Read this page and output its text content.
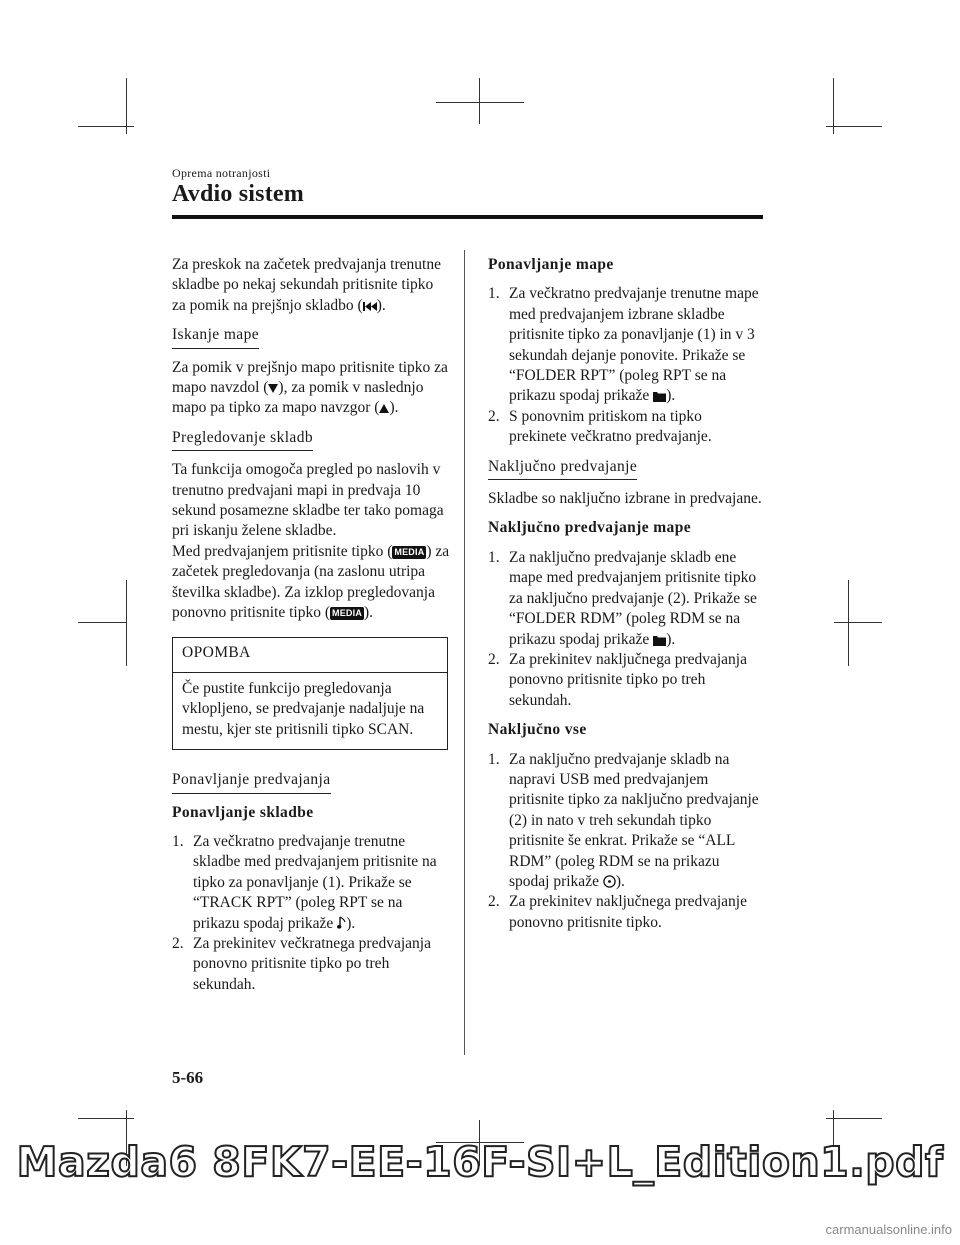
Oprema notranjosti
Avdio sistem

Za preskok na začetek predvajanja trenutne skladbe po nekaj sekundah pritisnite tipko za pomik na prejšnjo skladbo ( ).

Iskanje mape

Za pomik v prejšnjo mapo pritisnite tipko za mapo navzdol ( ), za pomik v naslednjo mapo pa tipko za mapo navzgor ( ).

Pregledovanje skladb

Ta funkcija omogoča pregled po naslovih v trenutno predvajani mapi in predvaja 10 sekund posamezne skladbe ter tako pomaga pri iskanju želene skladbe.

Med predvajanjem pritisnite tipko ( MEDIA ) za začetek pregledovanja (na zaslonu utripa številka skladbe). Za izklop pregledovanja ponovno pritisnite tipko ( MEDIA ).

OPOMBA
Če pustite funkcijo pregledovanja vklopljeno, se predvajanje nadaljuje na mestu, kjer ste pritisnili tipko SCAN.
Ponavljanje predvajanja
Ponavljanje skladbe
1. Za večkratno predvajanje trenutne skladbe med predvajanjem pritisnite na tipko za ponavljanje (1). Prikaže se “TRACK RPT” (poleg RPT se na prikazu spodaj prikaže ).
2. Za prekinitev večkratnega predvajanja ponovno pritisnite tipko po treh sekundah.
Ponavljanje mape
1. Za večkratno predvajanje trenutne mape med predvajanjem izbrane skladbe pritisnite tipko za ponavljanje (1) in v 3 sekundah dejanje ponovite. Prikaže se “FOLDER RPT” (poleg RPT se na prikazu spodaj prikaže ).
2. S ponovnim pritiskom na tipko prekinete večkratno predvajanje.
Naključno predvajanje

Skladbe so naključno izbrane in predvajane.

Naključno predvajanje mape
1. Za naključno predvajanje skladb ene mape med predvajanjem pritisnite tipko za naključno predvajanje (2). Prikaže se “FOLDER RDM” (poleg RDM se na prikazu spodaj prikaže ).
2. Za prekinitev naključnega predvajanja ponovno pritisnite tipko po treh sekundah.
Naključno vse
1. Za naključno predvajanje skladb na napravi USB med predvajanjem pritisnite tipko za naključno predvajanje (2) in nato v treh sekundah tipko pritisnite še enkrat. Prikaže se “ALL RDM” (poleg RDM se na prikazu spodaj prikaže ).
2. Za prekinitev naključnega predvajanje ponovno pritisnite tipko.
5-66
Mazda6 8FK7-EE-16F-SI+L_Edition1.pdf
carmanualsonline.info
